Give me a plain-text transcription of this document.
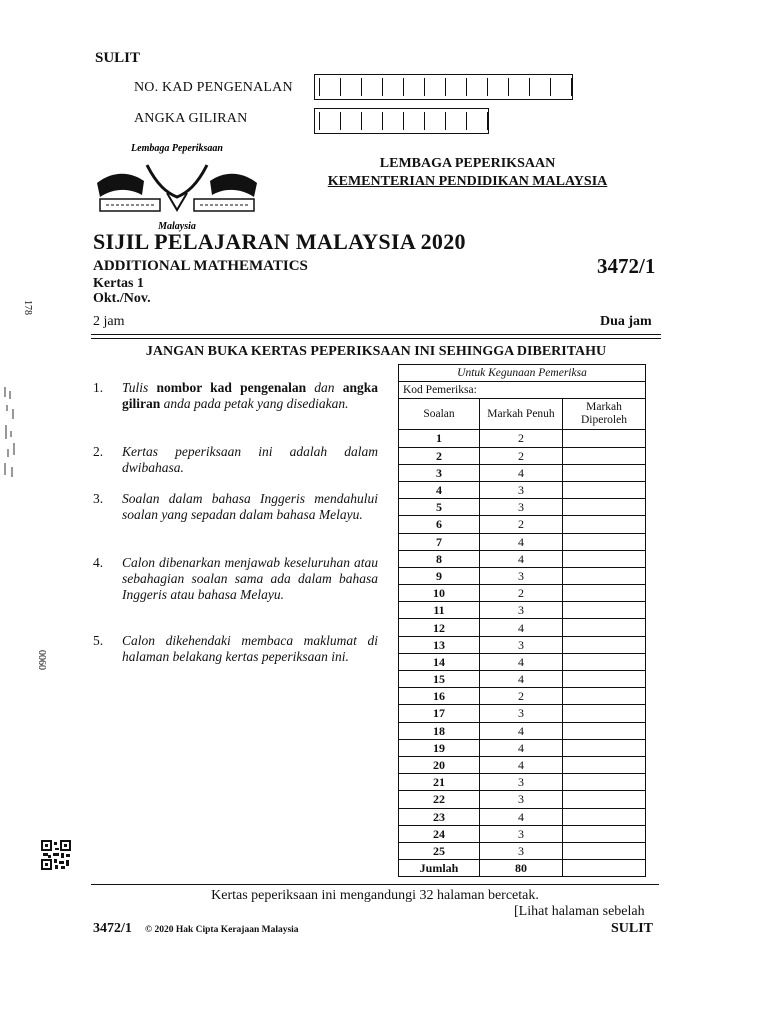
SULIT
NO. KAD PENGENALAN
ANGKA GILIRAN
Lembaga Peperiksaan
Malaysia
LEMBAGA PEPERIKSAAN
KEMENTERIAN PENDIDIKAN MALAYSIA
SIJIL PELAJARAN MALAYSIA 2020
ADDITIONAL MATHEMATICS	3472/1
Kertas 1
Okt./Nov.
2 jam	Dua jam
JANGAN BUKA KERTAS PEPERIKSAAN INI SEHINGGA DIBERITAHU
1.	Tulis nombor kad pengenalan dan angka giliran anda pada petak yang disediakan.
2.	Kertas peperiksaan ini adalah dalam dwibahasa.
3.	Soalan dalam bahasa Inggeris mendahului soalan yang sepadan dalam bahasa Melayu.
4.	Calon dibenarkan menjawab keseluruhan atau sebahagian soalan sama ada dalam bahasa Inggeris atau bahasa Melayu.
5.	Calon dikehendaki membaca maklumat di halaman belakang kertas peperiksaan ini.
Untuk Kegunaan Pemeriksa		
Kod Pemeriksa:		
Soalan	Markah Penuh	Markah Diperoleh
1	2	
2	2	
3	4	
4	3	
5	3	
6	2	
7	4	
8	4	
9	3	
10	2	
11	3	
12	4	
13	3	
14	4	
15	4	
16	2	
17	3	
18	4	
19	4	
20	4	
21	3	
22	3	
23	4	
24	3	
25	3	
Jumlah	80	
178
0060
Kertas peperiksaan ini mengandungi 32 halaman bercetak.
[Lihat halaman sebelah
3472/1 © 2020 Hak Cipta Kerajaan Malaysia	SULIT
